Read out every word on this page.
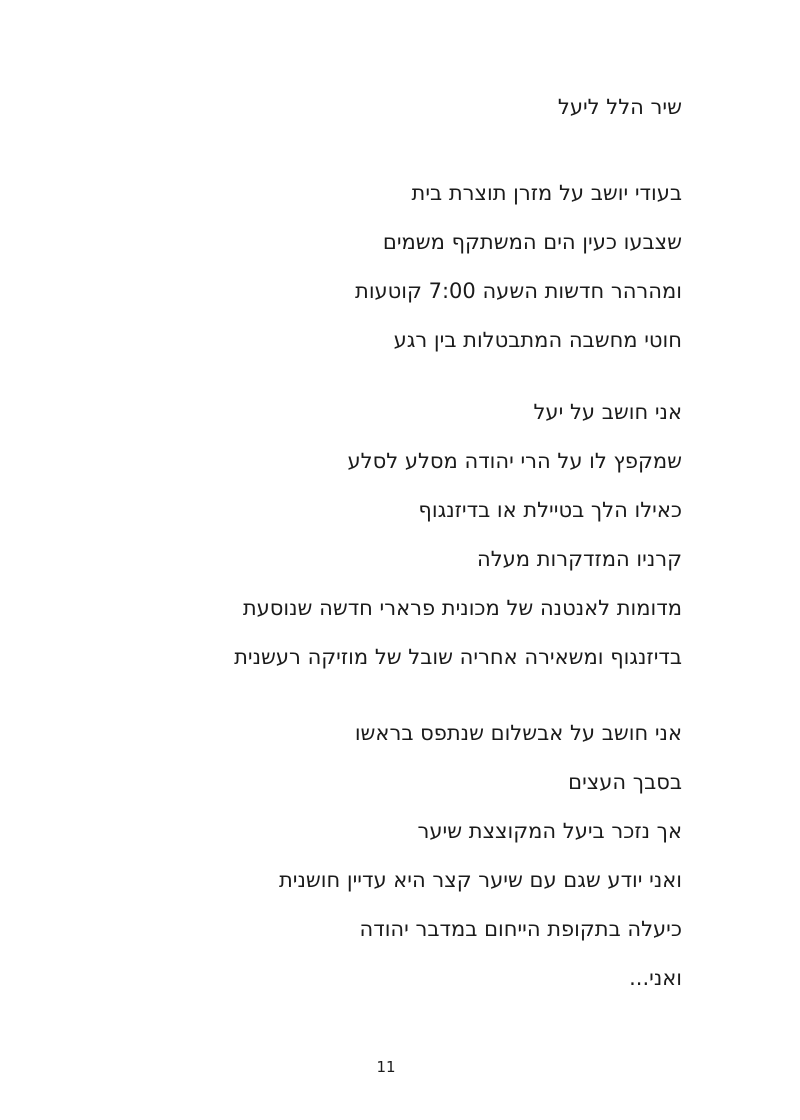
שיר הלל ליעל
בעודי יושב על מזרן תוצרת בית
שצבעו כעין הים המשתקף משמים
ומהרהר חדשות השעה 7:00 קוטעות
חוטי מחשבה המתבטלות בין רגע
אני חושב על יעל
שמקפץ לו על הרי יהודה מסלע לסלע
כאילו הלך בטיילת או בדיזנגוף
קרניו המזדקרות מעלה
מדומות לאנטנה של מכונית פרארי חדשה שנוסעת
בדיזנגוף ומשאירה אחריה שובל של מוזיקה רעשנית
אני חושב על אבשלום שנתפס בראשו
בסבך העצים
אך נזכר ביעל המקוצצת שיער
ואני יודע שגם עם שיער קצר היא עדיין חושנית
כיעלה בתקופת הייחום במדבר יהודה
ואני...
11
